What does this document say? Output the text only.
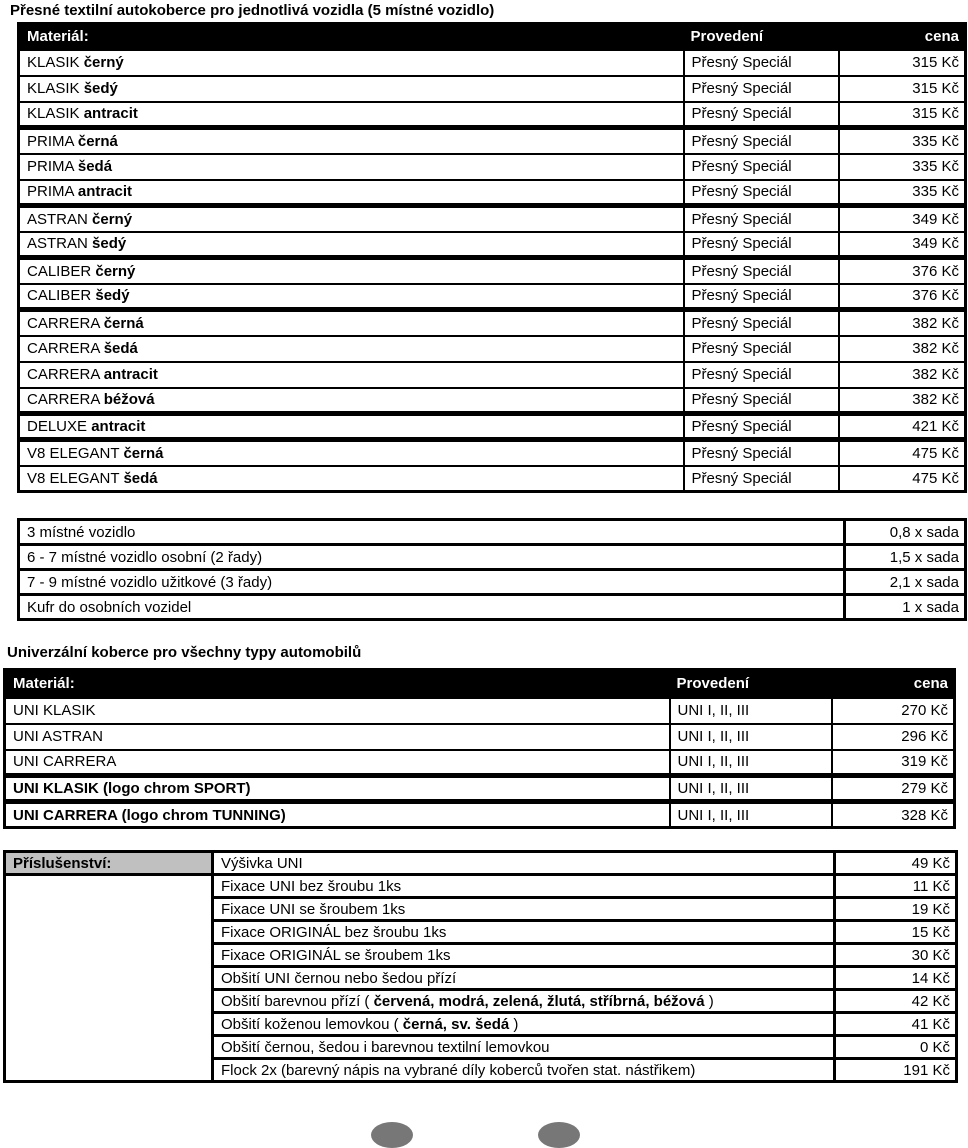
Přesné textilní autokoberce pro jednotlivá vozidla (5 místné vozidlo)
Materiál:	Provedení	cena
KLASIK černý	Přesný Speciál	315 Kč
KLASIK šedý	Přesný Speciál	315 Kč
KLASIK antracit	Přesný Speciál	315 Kč
PRIMA černá	Přesný Speciál	335 Kč
PRIMA šedá	Přesný Speciál	335 Kč
PRIMA antracit	Přesný Speciál	335 Kč
ASTRAN černý	Přesný Speciál	349 Kč
ASTRAN šedý	Přesný Speciál	349 Kč
CALIBER černý	Přesný Speciál	376 Kč
CALIBER šedý	Přesný Speciál	376 Kč
CARRERA černá	Přesný Speciál	382 Kč
CARRERA šedá	Přesný Speciál	382 Kč
CARRERA antracit	Přesný Speciál	382 Kč
CARRERA béžová	Přesný Speciál	382 Kč
DELUXE antracit	Přesný Speciál	421 Kč
V8 ELEGANT černá	Přesný Speciál	475 Kč
V8 ELEGANT šedá	Přesný Speciál	475 Kč
3 místné vozidlo	0,8 x sada
6 - 7 místné vozidlo osobní (2 řady)	1,5 x sada
7 - 9 místné vozidlo užitkové (3 řady)	2,1 x sada
Kufr do osobních vozidel	1 x sada
Univerzální koberce pro všechny typy automobilů
Materiál:	Provedení	cena
UNI KLASIK	UNI I, II, III	270 Kč
UNI ASTRAN	UNI I, II, III	296 Kč
UNI CARRERA	UNI I, II, III	319 Kč
UNI KLASIK (logo chrom SPORT)	UNI I, II, III	279 Kč
UNI CARRERA (logo chrom TUNNING)	UNI I, II, III	328 Kč
Příslušenství:	Výšivka UNI	49 Kč
	Fixace UNI bez šroubu 1ks	11 Kč
	Fixace UNI se šroubem 1ks	19 Kč
	Fixace ORIGINÁL bez šroubu 1ks	15 Kč
	Fixace ORIGINÁL se šroubem 1ks	30 Kč
	Obšití UNI černou nebo šedou přízí	14 Kč
	Obšití barevnou přízí ( červená, modrá, zelená, žlutá, stříbrná, béžová )	42 Kč
	Obšití koženou lemovkou ( černá, sv. šedá )	41 Kč
	Obšití černou, šedou i barevnou textilní lemovkou	0 Kč
	Flock 2x (barevný nápis na vybrané díly koberců tvořen stat. nástřikem)	191 Kč
